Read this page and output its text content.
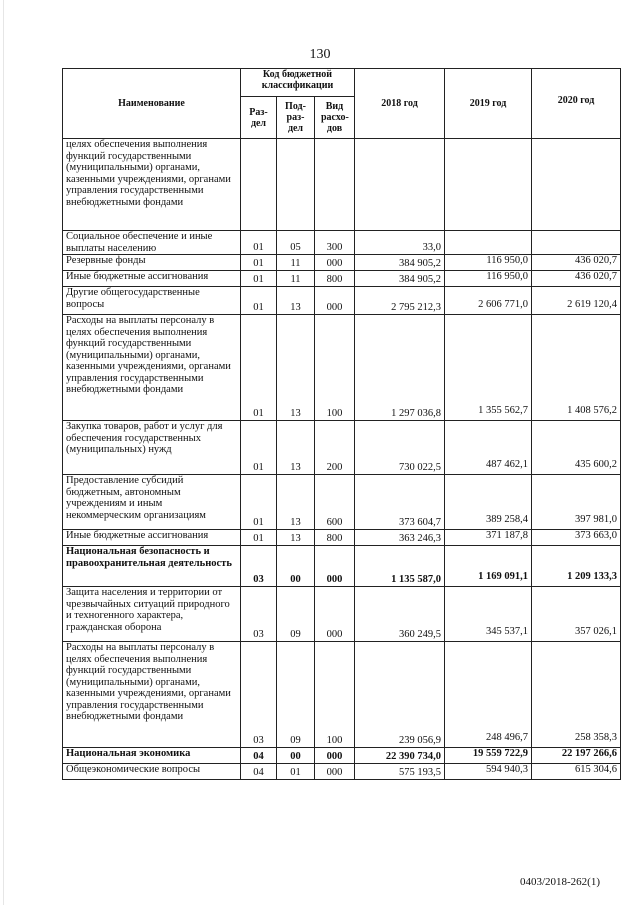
130
Наименование	Код бюджетной классификации			2018 год	2019 год	2020 год
	Раз-дел	Под-раз-дел	Вид расхо-дов			
целях обеспечения выполнения функций государственными (муниципальными) органами, казенными учреждениями, органами управления государственными внебюджетными фондами						
Социальное обеспечение и иные выплаты населению	01	05	300	33,0		
Резервные фонды	01	11	000	384 905,2	116 950,0	436 020,7
Иные бюджетные ассигнования	01	11	800	384 905,2	116 950,0	436 020,7
Другие общегосударственные вопросы	01	13	000	2 795 212,3	2 606 771,0	2 619 120,4
Расходы на выплаты персоналу в целях обеспечения выполнения функций государственными (муниципальными) органами, казенными учреждениями, органами управления государственными внебюджетными фондами	01	13	100	1 297 036,8	1 355 562,7	1 408 576,2
Закупка товаров, работ и услуг для обеспечения государственных (муниципальных) нужд	01	13	200	730 022,5	487 462,1	435 600,2
Предоставление субсидий бюджетным, автономным учреждениям и иным некоммерческим организациям	01	13	600	373 604,7	389 258,4	397 981,0
Иные бюджетные ассигнования	01	13	800	363 246,3	371 187,8	373 663,0
Национальная безопасность и правоохранительная деятельность	03	00	000	1 135 587,0	1 169 091,1	1 209 133,3
Защита населения и территории от чрезвычайных ситуаций природного и техногенного характера, гражданская оборона	03	09	000	360 249,5	345 537,1	357 026,1
Расходы на выплаты персоналу в целях обеспечения выполнения функций государственными (муниципальными) органами, казенными учреждениями, органами управления государственными внебюджетными фондами	03	09	100	239 056,9	248 496,7	258 358,3
Национальная экономика	04	00	000	22 390 734,0	19 559 722,9	22 197 266,6
Общеэкономические вопросы	04	01	000	575 193,5	594 940,3	615 304,6
0403/2018-262(1)
